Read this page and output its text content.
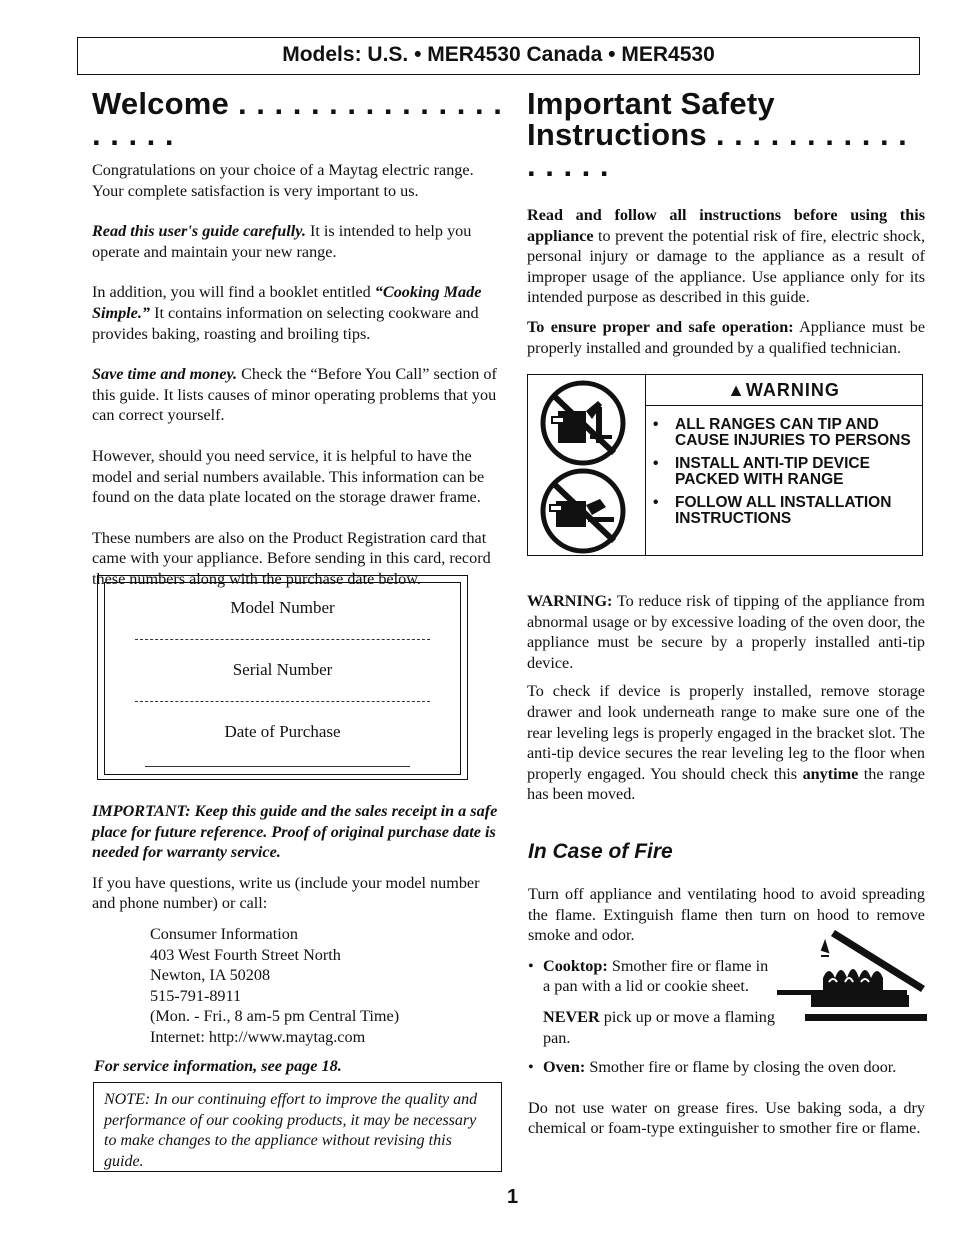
Models: U.S. • MER4530 Canada • MER4530
Welcome . . .

Congratulations on your choice of a Maytag electric range. Your complete satisfaction is very important to us.

Read this user's guide carefully. It is intended to help you operate and maintain your new range.

In addition, you will find a booklet entitled “Cooking Made Simple.” It contains information on selecting cookware and provides baking, roasting and broiling tips.

Save time and money. Check the “Before You Call” section of this guide. It lists causes of minor operating problems that you can correct yourself.

However, should you need service, it is helpful to have the model and serial numbers available. This information can be found on the data plate located on the storage drawer frame.

These numbers are also on the Product Registration card that came with your appliance. Before sending in this card, record these numbers along with the purchase date below.

Model Number
Serial Number
Date of Purchase

IMPORTANT: Keep this guide and the sales receipt in a safe place for future reference. Proof of original purchase date is needed for warranty service.

If you have questions, write us (include your model number and phone number) or call:

Consumer Information

403 West Fourth Street North

Newton, IA 50208

515-791-8911

(Mon. - Fri., 8 am-5 pm Central Time)

Internet: http://www.maytag.com

For service information, see page 18.

NOTE: In our continuing effort to improve the quality and performance of our cooking products, it may be necessary to make changes to the appliance without revising this guide.
Important Safety
Instructions . . .

Read and follow all instructions before using this appliance to prevent the potential risk of fire, electric shock, personal injury or damage to the appliance as a result of improper usage of the appliance. Use appliance only for its intended purpose as described in this guide.

To ensure proper and safe operation: Appliance must be properly installed and grounded by a qualified technician.

▲WARNING
• ALL RANGES CAN TIP AND CAUSE INJURIES TO PERSONS
• INSTALL ANTI-TIP DEVICE PACKED WITH RANGE
• FOLLOW ALL INSTALLATION INSTRUCTIONS

WARNING: To reduce risk of tipping of the appliance from abnormal usage or by excessive loading of the oven door, the appliance must be secure by a properly installed anti-tip device.

To check if device is properly installed, remove storage drawer and look underneath range to make sure one of the rear leveling legs is properly engaged in the bracket slot. The anti-tip device secures the rear leveling leg to the floor when properly engaged. You should check this anytime the range has been moved.

In Case of Fire

Turn off appliance and ventilating hood to avoid spreading the flame. Extinguish flame then turn on hood to remove smoke and odor.

• Cooktop: Smother fire or flame in a pan with a lid or cookie sheet.

NEVER pick up or move a flaming pan.

• Oven: Smother fire or flame by closing the oven door.

Do not use water on grease fires. Use baking soda, a dry chemical or foam-type extinguisher to smother fire or flame.

1
